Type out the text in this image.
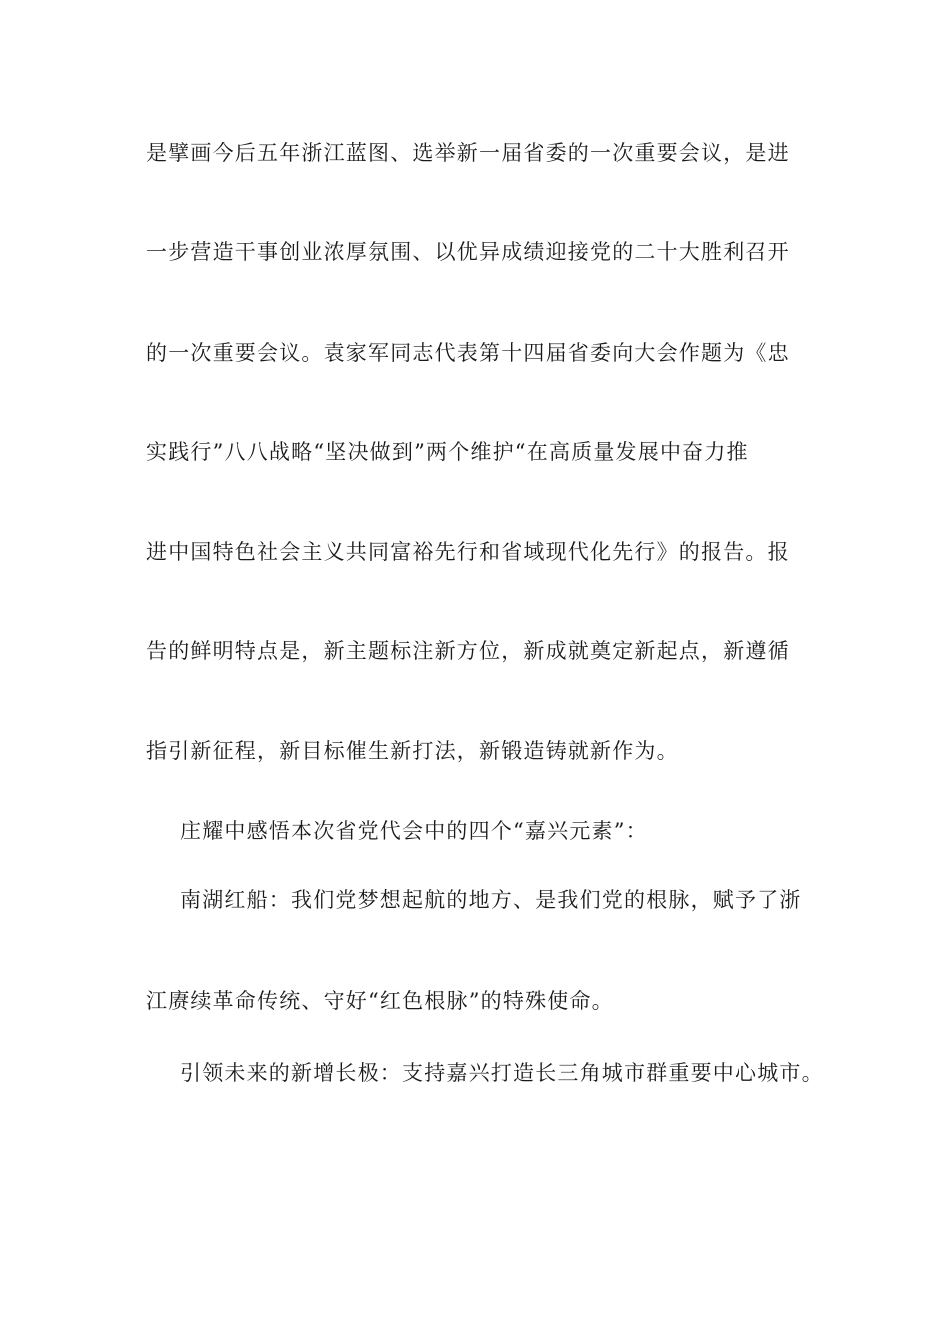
是擘画今后五年浙江蓝图、选举新一届省委的一次重要会议，是进
一步营造干事创业浓厚氛围、以优异成绩迎接党的二十大胜利召开
的一次重要会议。袁家军同志代表第十四届省委向大会作题为《忠
实践行”八八战略“坚决做到”两个维护“在高质量发展中奋力推
进中国特色社会主义共同富裕先行和省域现代化先行》的报告。报
告的鲜明特点是，新主题标注新方位，新成就奠定新起点，新遵循
指引新征程，新目标催生新打法，新锻造铸就新作为。
庄耀中感悟本次省党代会中的四个“嘉兴元素”：
南湖红船：我们党梦想起航的地方、是我们党的根脉，赋予了浙
江赓续革命传统、守好“红色根脉”的特殊使命。
引领未来的新增长极：支持嘉兴打造长三角城市群重要中心城市。
